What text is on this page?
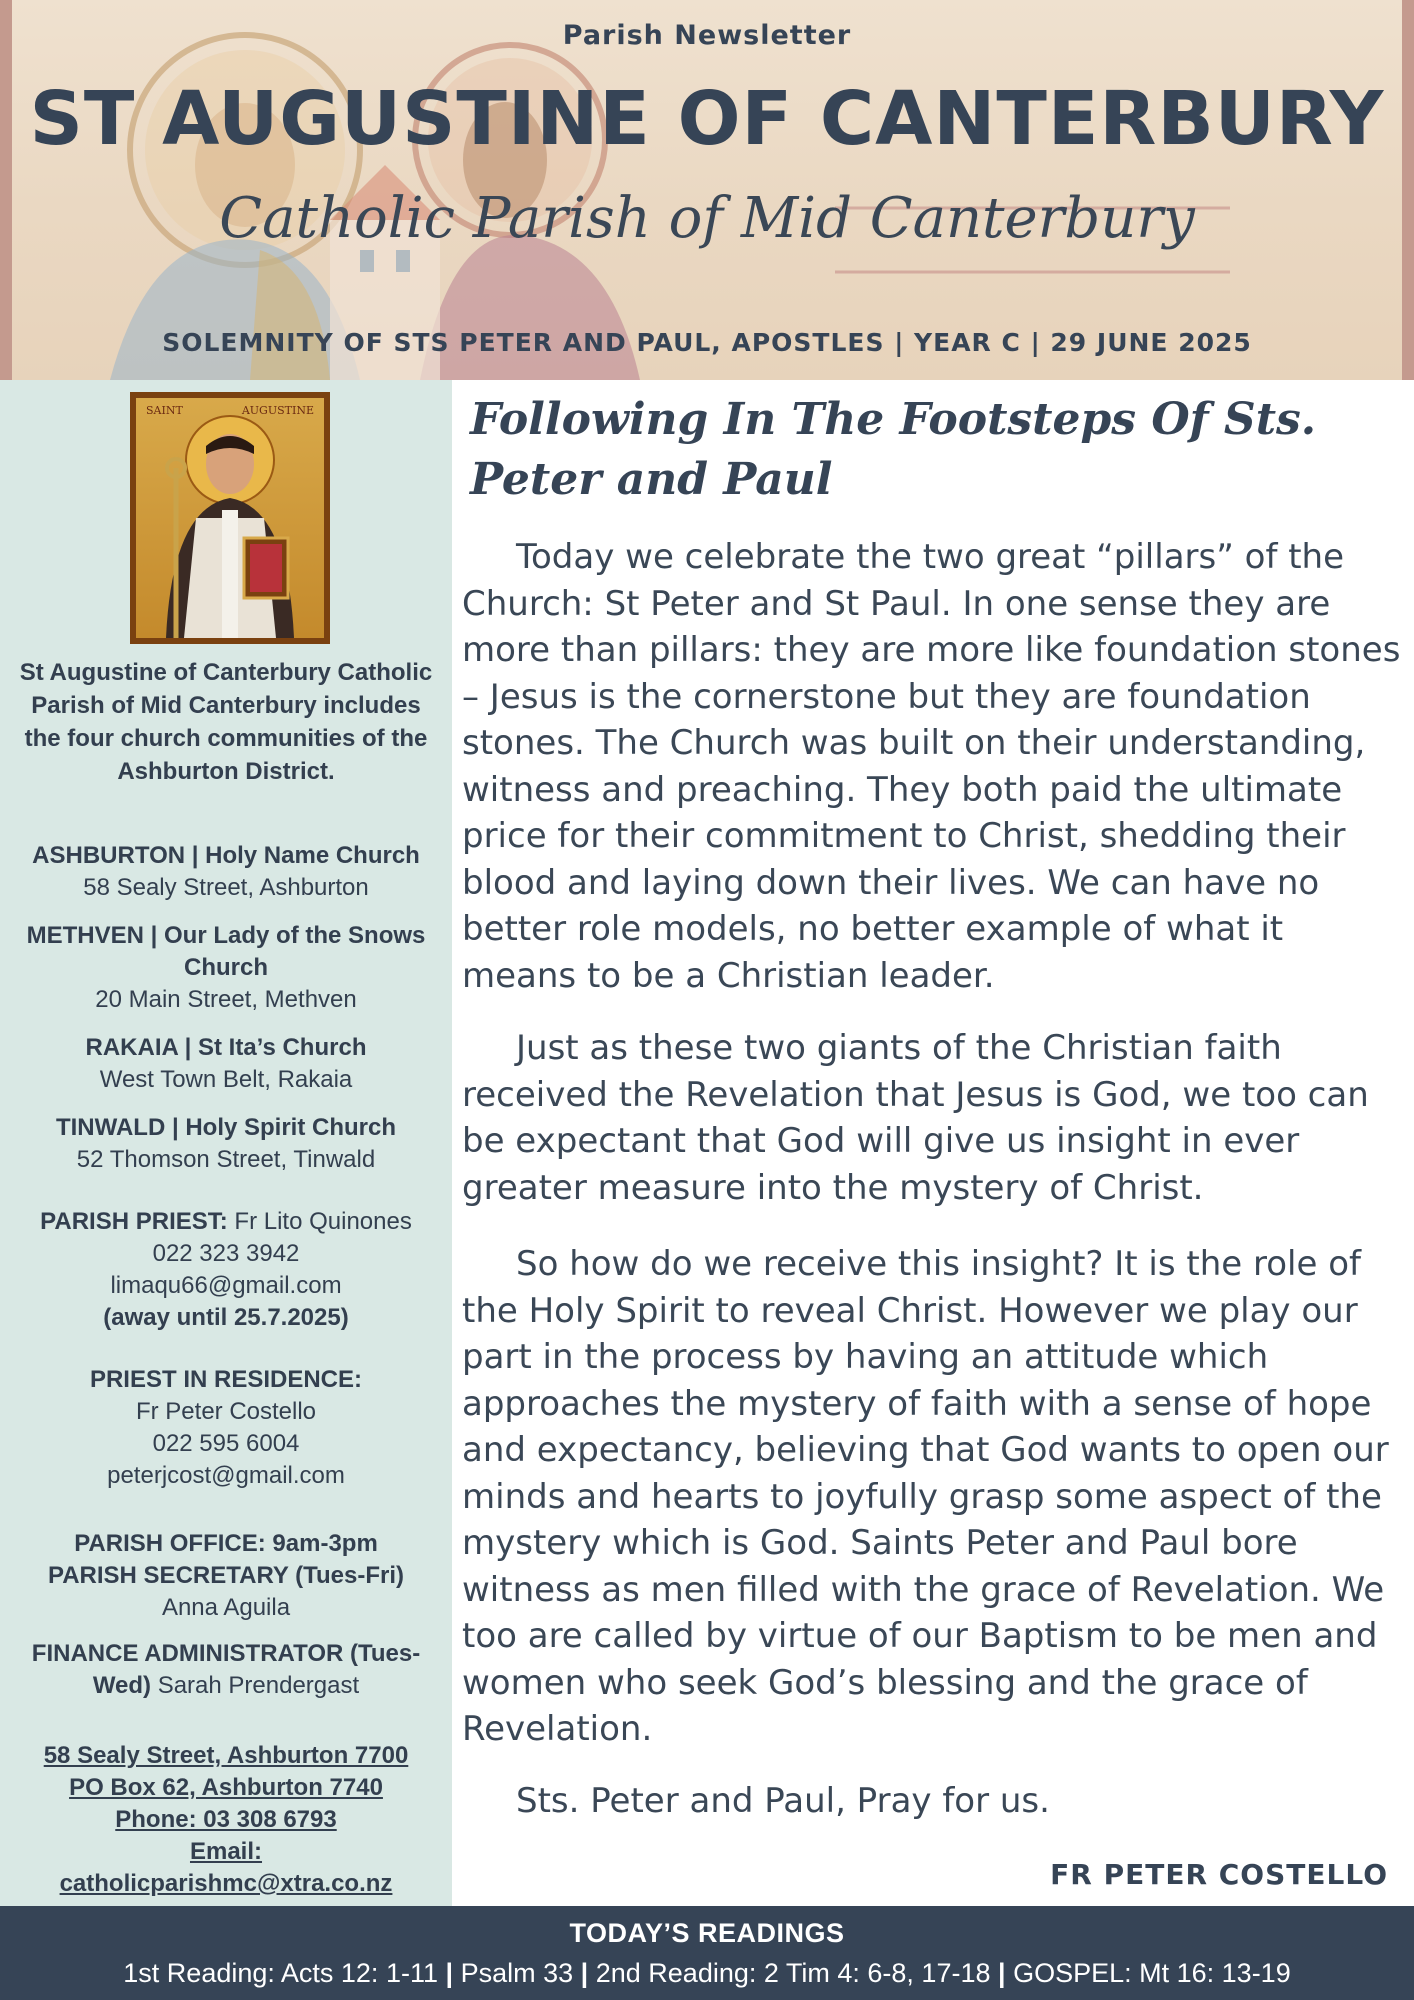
Parish Newsletter
ST AUGUSTINE OF CANTERBURY
Catholic Parish of Mid Canterbury
SOLEMNITY OF STS PETER AND PAUL, APOSTLES | YEAR C | 29 JUNE 2025
SAINT	AUGUSTINE
St Augustine of Canterbury Catholic Parish of Mid Canterbury includes the four church communities of the Ashburton District.
ASHBURTON | Holy Name Church
58 Sealy Street, Ashburton
METHVEN | Our Lady of the Snows Church
20 Main Street, Methven
RAKAIA | St Ita’s Church
West Town Belt, Rakaia
TINWALD | Holy Spirit Church
52 Thomson Street, Tinwald
PARISH PRIEST: Fr Lito Quinones
022 323 3942
limaqu66@gmail.com
(away until 25.7.2025)
PRIEST IN RESIDENCE:
Fr Peter Costello
022 595 6004
peterjcost@gmail.com
PARISH OFFICE: 9am-3pm
PARISH SECRETARY (Tues-Fri)
Anna Aguila
FINANCE ADMINISTRATOR (Tues-Wed) Sarah Prendergast
58 Sealy Street, Ashburton 7700
PO Box 62, Ashburton 7740
Phone: 03 308 6793
Email:
catholicparishmc@xtra.co.nz
Following In The Footsteps Of Sts. Peter and Paul

Today we celebrate the two great “pillars” of the Church: St Peter and St Paul. In one sense they are more than pillars: they are more like foundation stones – Jesus is the cornerstone but they are foundation stones. The Church was built on their understanding, witness and preaching. They both paid the ultimate price for their commitment to Christ, shedding their blood and laying down their lives. We can have no better role models, no better example of what it means to be a Christian leader.

Just as these two giants of the Christian faith received the Revelation that Jesus is God, we too can be expectant that God will give us insight in ever greater measure into the mystery of Christ.

So how do we receive this insight? It is the role of the Holy Spirit to reveal Christ. However we play our part in the process by having an attitude which approaches the mystery of faith with a sense of hope and expectancy, believing that God wants to open our minds and hearts to joyfully grasp some aspect of the mystery which is God. Saints Peter and Paul bore witness as men filled with the grace of Revelation. We too are called by virtue of our Baptism to be men and women who seek God’s blessing and the grace of Revelation.

Sts. Peter and Paul, Pray for us.

FR PETER COSTELLO
TODAY’S READINGS
1st Reading: Acts 12: 1-11 | Psalm 33 | 2nd Reading: 2 Tim 4: 6-8, 17-18 | GOSPEL: Mt 16: 13-19
